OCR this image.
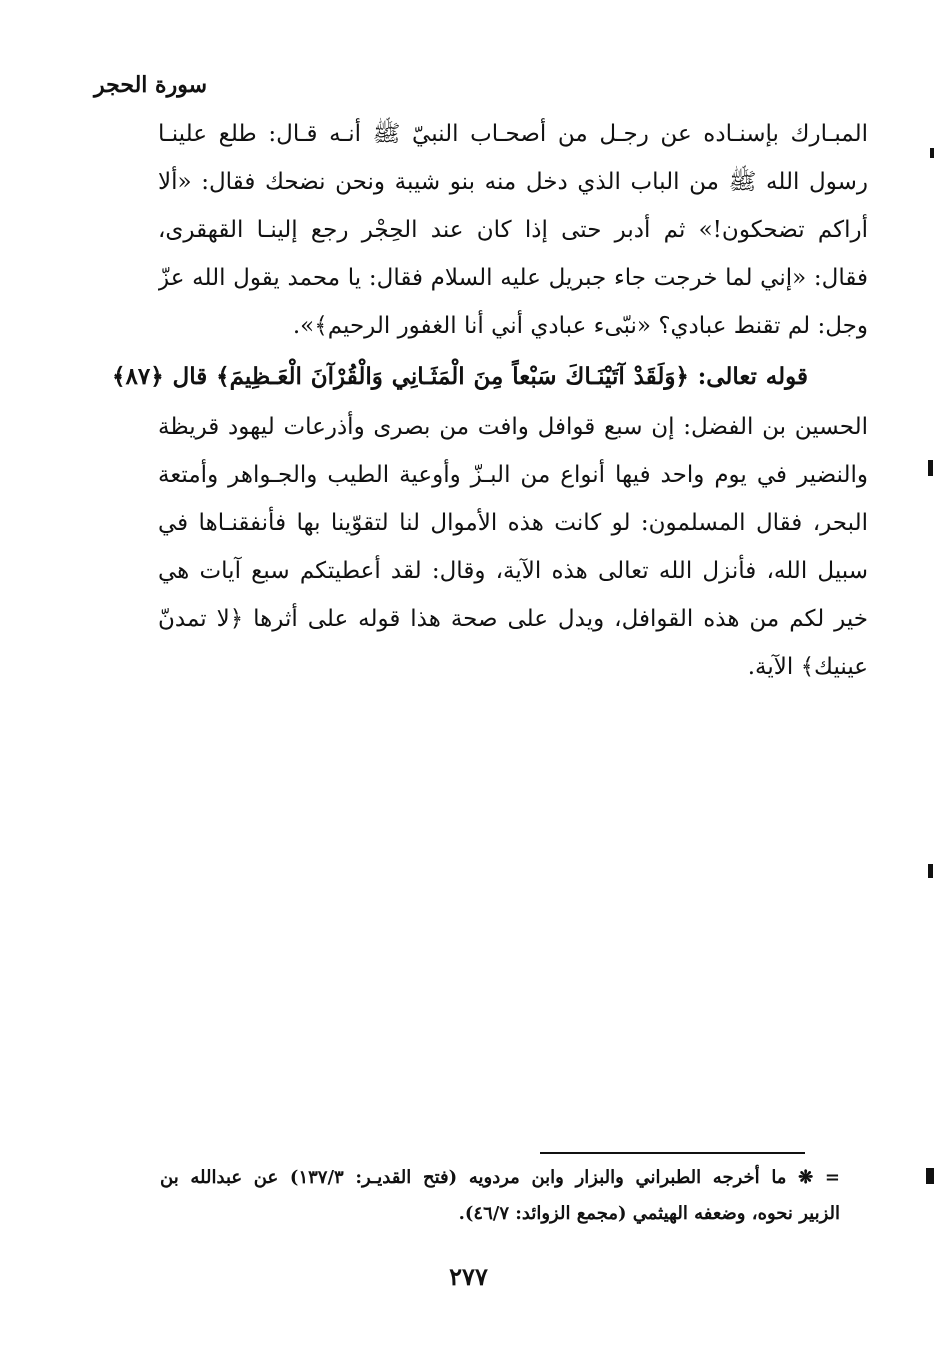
سورة الحجر
المبـارك بإسنـاده عن رجـل من أصحـاب النبيّ ﷺ أنـه قـال: طلع علينـا
رسول الله ﷺ من الباب الذي دخل منه بنو شيبة ونحن نضحك فقال: «ألا
أراكم تضحكون!» ثم أدبر حتى إذا كان عند الحِجْر رجع إلينـا القهقرى،
فقال: «إني لما خرجت جاء جبريل عليه السلام فقال: يا محمد يقول الله عزّ
وجل: لم تقنط عبادي؟ «نبّىء عبادي أني أنا الغفور الرحيم﴾».
قوله تعالى: ﴿وَلَقَدْ آتَيْنَـاكَ سَبْعاً مِنَ الْمَثَـانِي وَالْقُرْآنَ الْعَـظِيمَ﴾ قال ﴿٨٧﴾
الحسين بن الفضل: إن سبع قوافل وافت من بصرى وأذرعات ليهود قريظة
والنضير في يوم واحد فيها أنواع من البـزّ وأوعية الطيب والجـواهر وأمتعة
البحر، فقال المسلمون: لو كانت هذه الأموال لنا لتقوّينا بها فأنفقنـاها في
سبيل الله، فأنزل الله تعالى هذه الآية، وقال: لقد أعطيتكم سبع آيات هي
خير لكم من هذه القوافل، ويدل على صحة هذا قوله على أثرها ﴿لا تمدنّ
عينيك﴾ الآية.
= ❋ ما أخرجه الطبراني والبزار وابن مردويه (فتح القديـر: ١٣٧/٣) عن عبدالله بن
الزبير نحوه، وضعفه الهيثمي (مجمع الزوائد: ٤٦/٧).
٢٧٧
